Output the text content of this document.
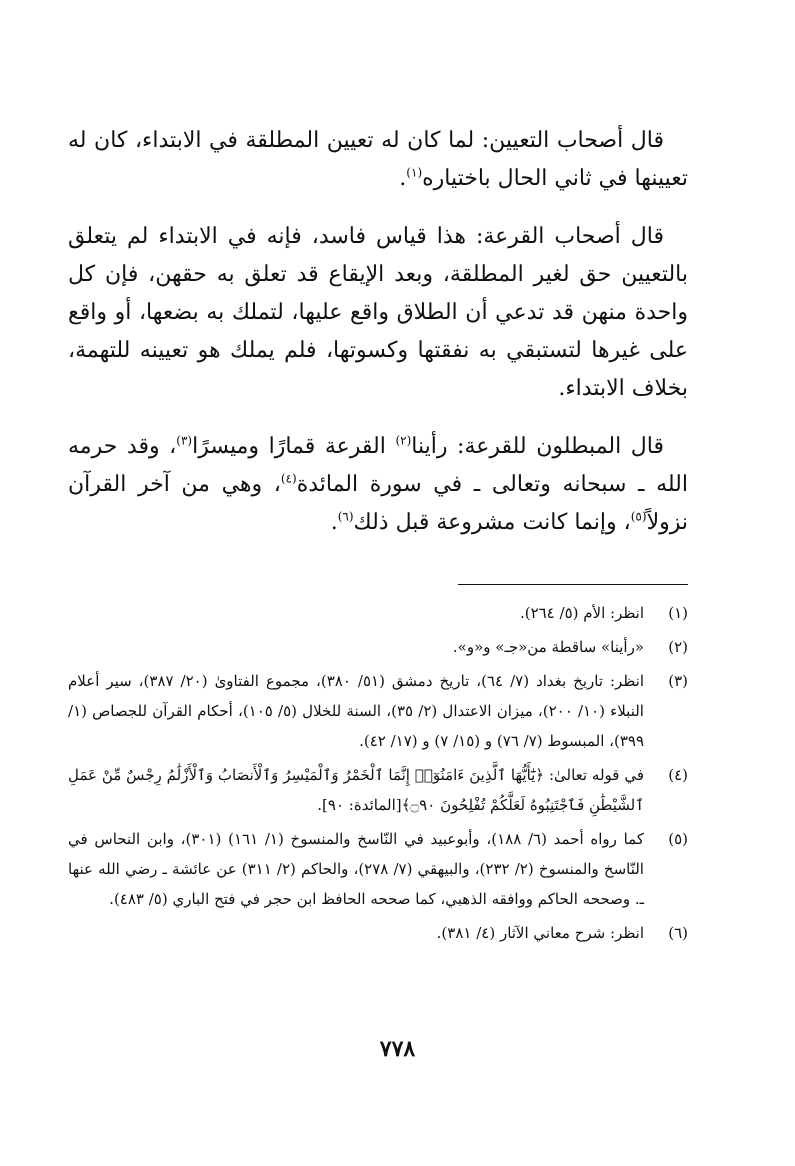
قال أصحاب التعيين: لما كان له تعيين المطلقة في الابتداء، كان له تعيينها في ثاني الحال باختياره$^{(١)}$.

قال أصحاب القرعة: هذا قياس فاسد، فإنه في الابتداء لم يتعلق بالتعيين حق لغير المطلقة، وبعد الإيقاع قد تعلق به حقهن، فإن كل واحدة منهن قد تدعي أن الطلاق واقع عليها، لتملك به بضعها، أو واقع على غيرها لتستبقي به نفقتها وكسوتها، فلم يملك هو تعيينه للتهمة، بخلاف الابتداء.

قال المبطلون للقرعة: رأينا$^{(٢)}$ القرعة قمارًا وميسرًا$^{(٣)}$، وقد حرمه الله ـ سبحانه وتعالى ـ في سورة المائدة$^{(٤)}$، وهي من آخر القرآن نزولاً$^{(٥)}$، وإنما كانت مشروعة قبل ذلك$^{(٦)}$.

(١)
انظر: الأم (٥/ ٢٦٤).
(٢)
«رأينا» ساقطة من«جـ» و«و».
(٣)
انظر: تاريخ بغداد (٧/ ٦٤)، تاريخ دمشق (٥١/ ٣٨٠)، مجموع الفتاوىٰ (٢٠/ ٣٨٧)، سير أعلام النبلاء (١٠/ ٢٠٠)، ميزان الاعتدال (٢/ ٣٥)، السنة للخلال (٥/ ١٠٥)، أحكام القرآن للجصاص (١/ ٣٩٩)، المبسوط (٧/ ٧٦) و (١٥/ ٧) و (١٧/ ٤٢).
(٤)
في قوله تعالىٰ: ﴿يَٰٓأَيُّهَا ٱلَّذِينَ ءَامَنُوٓا۟ إِنَّمَا ٱلْخَمْرُ وَٱلْمَيْسِرُ وَٱلْأَنصَابُ وَٱلْأَزْلَٰمُ رِجْسٌ مِّنْ عَمَلِ ٱلشَّيْطَٰنِ فَٱجْتَنِبُوهُ لَعَلَّكُمْ تُفْلِحُونَ ۝٩٠﴾[المائدة: ٩٠].
(٥)
كما رواه أحمد (٦/ ١٨٨)، وأبوعبيد في النّاسخ والمنسوخ (١/ ١٦١) (٣٠١)، وابن النحاس في النّاسخ والمنسوخ (٢/ ٢٣٢)، والبيهقي (٧/ ٢٧٨)، والحاكم (٢/ ٣١١) عن عائشة ـ رضي الله عنها ـ. وصححه الحاكم ووافقه الذهبي، كما صححه الحافظ ابن حجر في فتح الباري (٥/ ٤٨٣).
(٦)
انظر: شرح معاني الآثار (٤/ ٣٨١).
٧٧٨
